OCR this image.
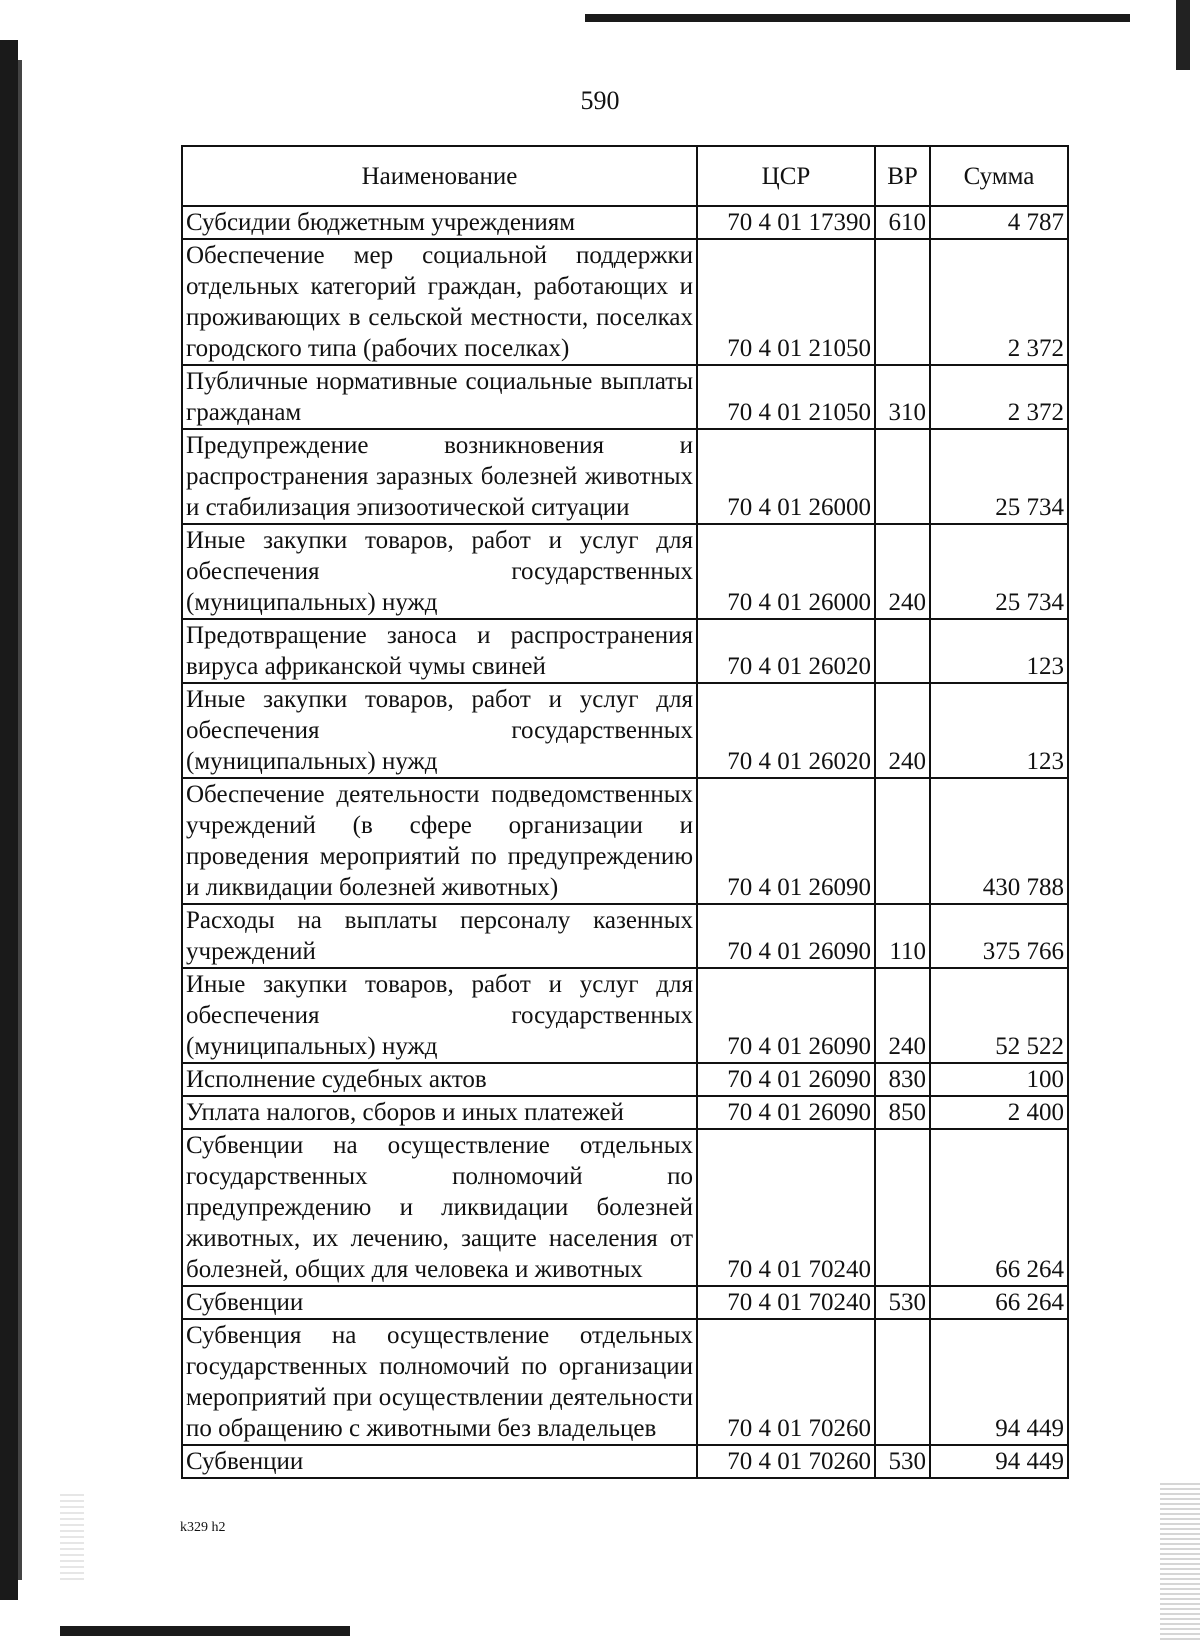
590
Наименование	ЦСР	ВР	Сумма
Субсидии бюджетным учреждениям	70 4 01 17390	610	4 787
Обеспечение мер социальной поддержки отдельных категорий граждан, работающих и проживающих в сельской местности, поселках городского типа (рабочих поселках)	70 4 01 21050		2 372
Публичные нормативные социальные выплаты гражданам	70 4 01 21050	310	2 372
Предупреждение возникновения и распространения заразных болезней животных и стабилизация эпизоотической ситуации	70 4 01 26000		25 734
Иные закупки товаров, работ и услуг для обеспечения государственных (муниципальных) нужд	70 4 01 26000	240	25 734
Предотвращение заноса и распространения вируса африканской чумы свиней	70 4 01 26020		123
Иные закупки товаров, работ и услуг для обеспечения государственных (муниципальных) нужд	70 4 01 26020	240	123
Обеспечение деятельности подведомственных учреждений (в сфере организации и проведения мероприятий по предупреждению и ликвидации болезней животных)	70 4 01 26090		430 788
Расходы на выплаты персоналу казенных учреждений	70 4 01 26090	110	375 766
Иные закупки товаров, работ и услуг для обеспечения государственных (муниципальных) нужд	70 4 01 26090	240	52 522
Исполнение судебных актов	70 4 01 26090	830	100
Уплата налогов, сборов и иных платежей	70 4 01 26090	850	2 400
Субвенции на осуществление отдельных государственных полномочий по предупреждению и ликвидации болезней животных, их лечению, защите населения от болезней, общих для человека и животных	70 4 01 70240		66 264
Субвенции	70 4 01 70240	530	66 264
Субвенция на осуществление отдельных государственных полномочий по организации мероприятий при осуществлении деятельности по обращению с животными без владельцев	70 4 01 70260		94 449
Субвенции	70 4 01 70260	530	94 449
k329 h2
